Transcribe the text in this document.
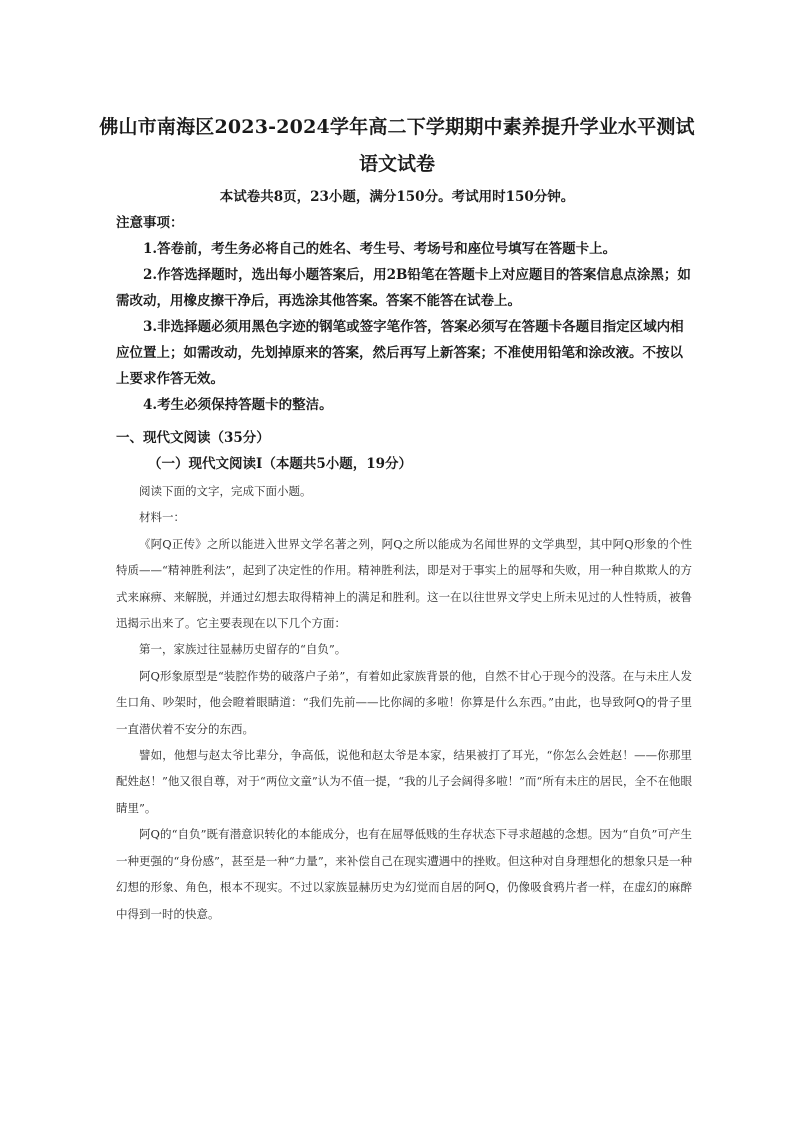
佛山市南海区2023-2024学年高二下学期期中素养提升学业水平测试
语文试卷
本试卷共8页，23小题，满分150分。考试用时150分钟。

注意事项：

1.答卷前，考生务必将自己的姓名、考生号、考场号和座位号填写在答题卡上。

2.作答选择题时，选出每小题答案后，用2B铅笔在答题卡上对应题目的答案信息点涂黑；如需改动，用橡皮擦干净后，再选涂其他答案。答案不能答在试卷上。

3.非选择题必须用黑色字迹的钢笔或签字笔作答，答案必须写在答题卡各题目指定区域内相应位置上；如需改动，先划掉原来的答案，然后再写上新答案；不准使用铅笔和涂改液。不按以上要求作答无效。

4.考生必须保持答题卡的整洁。

一、现代文阅读（35分）
（一）现代文阅读Ⅰ（本题共5小题，19分）

阅读下面的文字，完成下面小题。

材料一：

《阿Q正传》之所以能进入世界文学名著之列，阿Q之所以能成为名闻世界的文学典型，其中阿Q形象的个性特质——“精神胜利法”，起到了决定性的作用。精神胜利法，即是对于事实上的屈辱和失败，用一种自欺欺人的方式来麻痹、来解脱，并通过幻想去取得精神上的满足和胜利。这一在以往世界文学史上所未见过的人性特质，被鲁迅揭示出来了。它主要表现在以下几个方面：

第一，家族过往显赫历史留存的“自负”。

阿Q形象原型是“装腔作势的破落户子弟”，有着如此家族背景的他，自然不甘心于现今的没落。在与未庄人发生口角、吵架时，他会瞪着眼睛道：“我们先前——比你阔的多啦！你算是什么东西。”由此，也导致阿Q的骨子里一直潜伏着不安分的东西。

譬如，他想与赵太爷比辈分，争高低，说他和赵太爷是本家，结果被打了耳光，“你怎么会姓赵！——你那里配姓赵！”他又很自尊，对于“两位文童”认为不值一提，“我的儿子会阔得多啦！”而“所有未庄的居民，全不在他眼睛里”。

阿Q的“自负”既有潜意识转化的本能成分，也有在屈辱低贱的生存状态下寻求超越的念想。因为“自负”可产生一种更强的“身份感”，甚至是一种“力量”，来补偿自己在现实遭遇中的挫败。但这种对自身理想化的想象只是一种幻想的形象、角色，根本不现实。不过以家族显赫历史为幻觉而自居的阿Q，仍像吸食鸦片者一样，在虚幻的麻醉中得到一时的快意。
